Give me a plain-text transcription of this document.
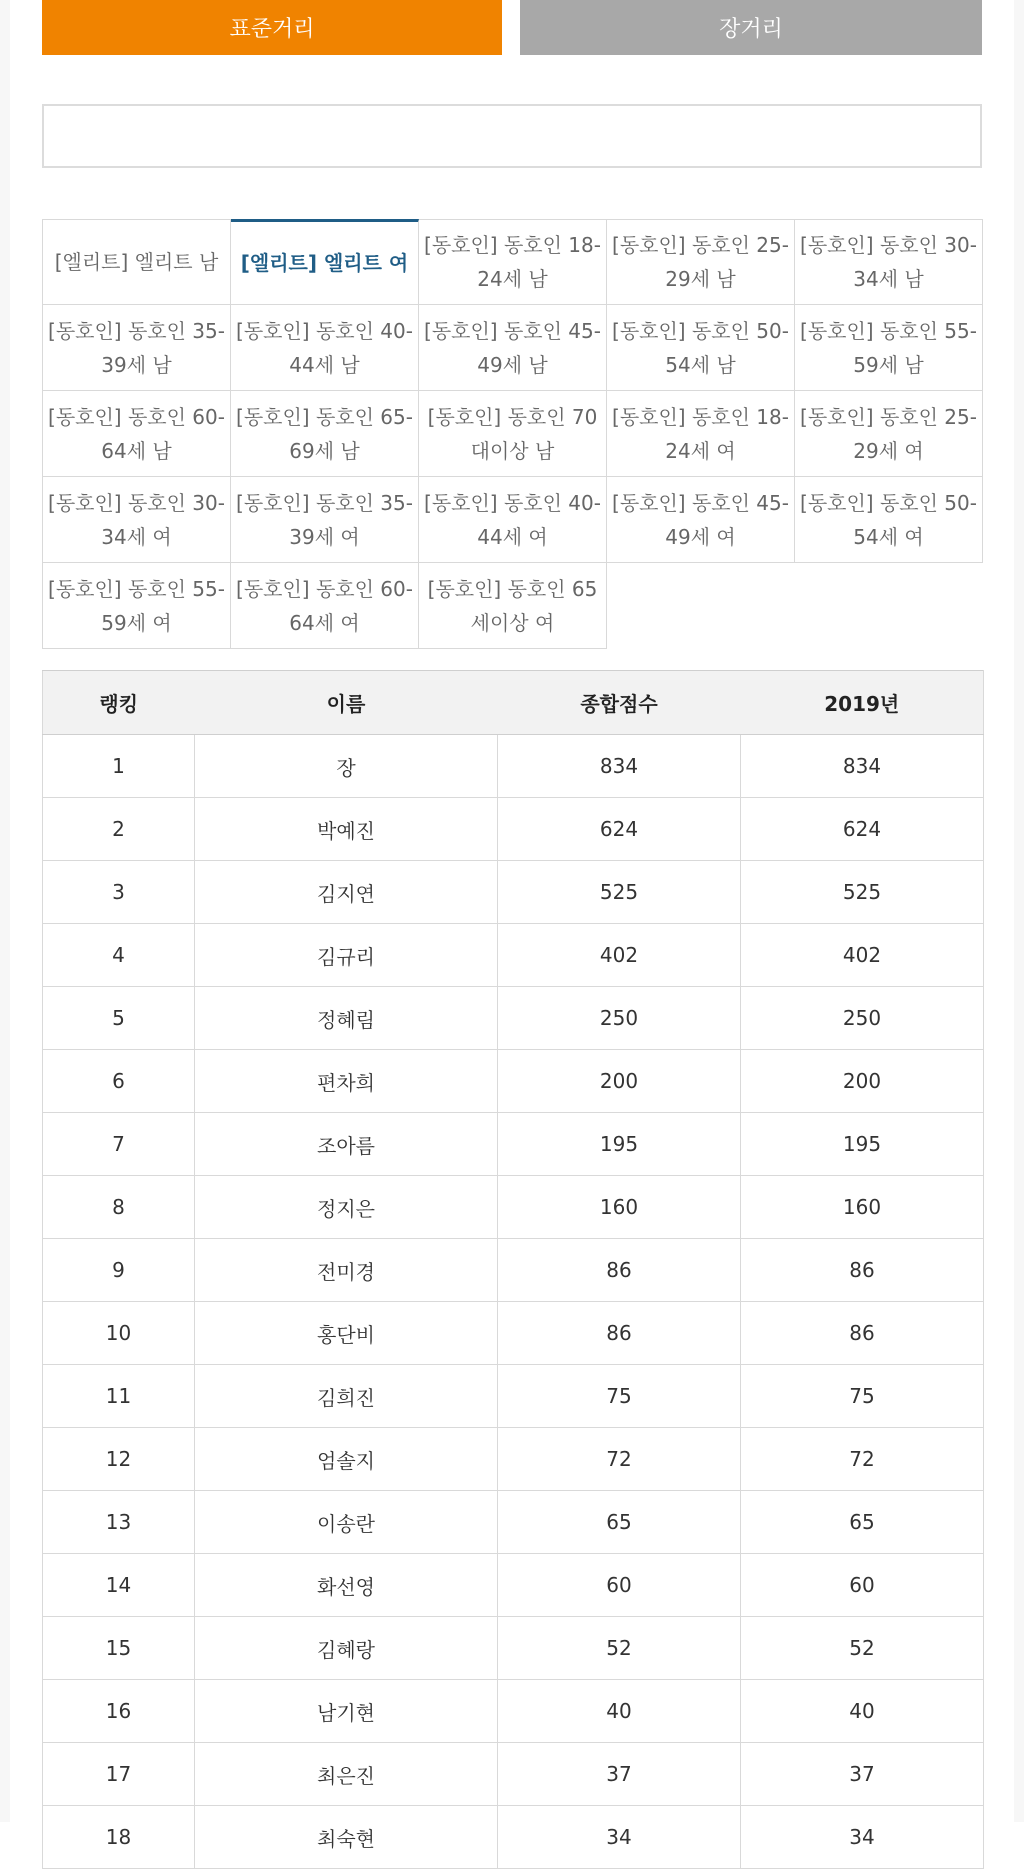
표준거리	장거리
[엘리트] 엘리트 남	[엘리트] 엘리트 여
[동호인] 동호인 18-24세 남
[동호인] 동호인 25-29세 남
[동호인] 동호인 30-34세 남
[동호인] 동호인 35-39세 남
[동호인] 동호인 40-44세 남
[동호인] 동호인 45-49세 남
[동호인] 동호인 50-54세 남
[동호인] 동호인 55-59세 남
[동호인] 동호인 60-64세 남
[동호인] 동호인 65-69세 남
[동호인] 동호인 70 대이상 남
[동호인] 동호인 18-24세 여
[동호인] 동호인 25-29세 여
[동호인] 동호인 30-34세 여
[동호인] 동호인 35-39세 여
[동호인] 동호인 40-44세 여
[동호인] 동호인 45-49세 여
[동호인] 동호인 50-54세 여
[동호인] 동호인 55-59세 여
[동호인] 동호인 60-64세 여
[동호인] 동호인 65 세이상 여
랭킹	이름	종합점수	2019년
1	장	834	834
2	박예진	624	624
3	김지연	525	525
4	김규리	402	402
5	정혜림	250	250
6	편차희	200	200
7	조아름	195	195
8	정지은	160	160
9	전미경	86	86
10	홍단비	86	86
11	김희진	75	75
12	엄솔지	72	72
13	이송란	65	65
14	화선영	60	60
15	김혜랑	52	52
16	남기현	40	40
17	최은진	37	37
18	최숙현	34	34
